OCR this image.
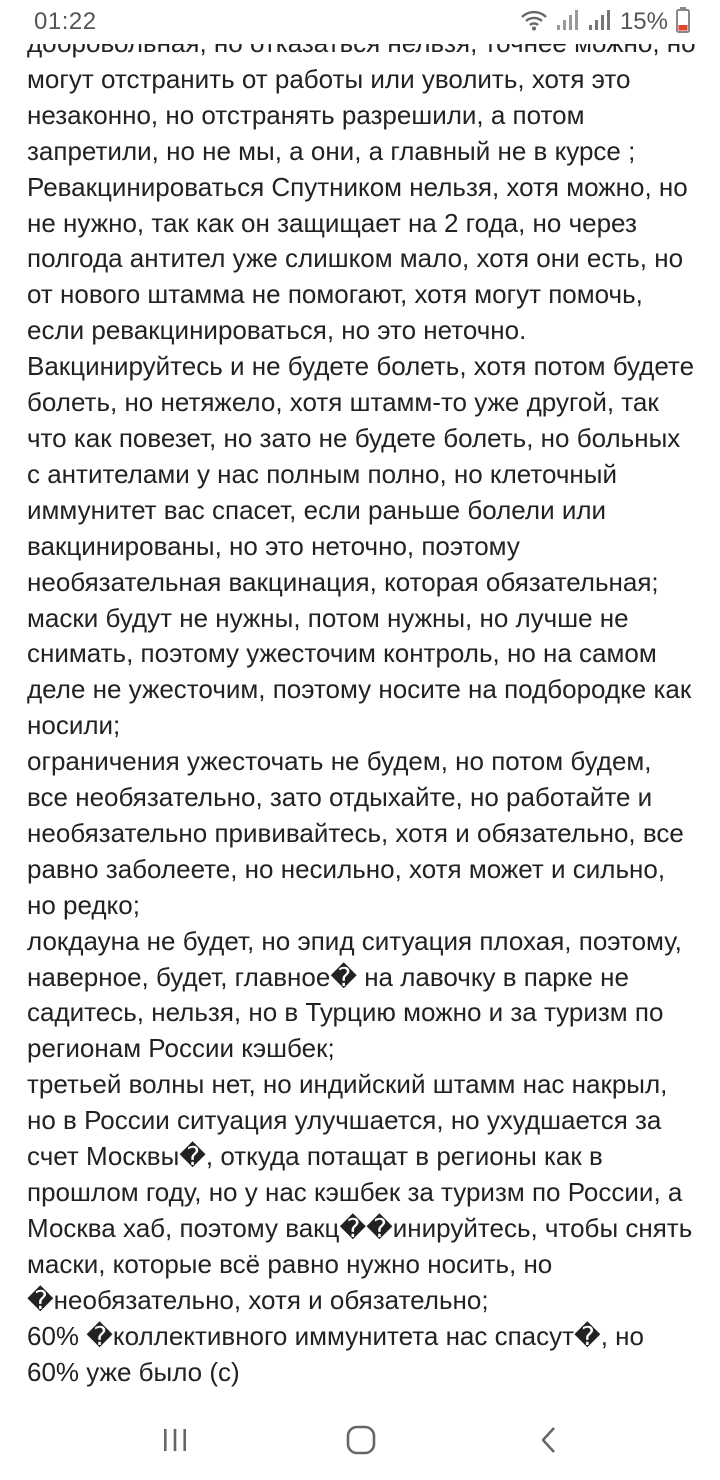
01:22	15%
могут отстранить от работы или уволить, хотя это незаконно, но отстранять разрешили, а потом запретили, но не мы, а они, а главный не в курсе ;
Ревакцинироваться Спутником нельзя, хотя можно, но не нужно, так как он защищает на 2 года, но через полгода антител уже слишком мало, хотя они есть, но от нового штамма не помогают, хотя могут помочь, если ревакцинироваться, но это неточно.
Вакцинируйтесь и не будете болеть, хотя потом будете болеть, но нетяжело, хотя штамм-то уже другой, так что как повезет, но зато не будете болеть, но больных с антителами у нас полным полно, но клеточный иммунитет вас спасет, если раньше болели или вакцинированы, но это неточно, поэтому необязательная вакцинация, которая обязательная;
маски будут не нужны, потом нужны, но лучше не снимать, поэтому ужесточим контроль, но на самом деле не ужесточим, поэтому носите на подбородке как носили;
ограничения ужесточать не будем, но потом будем, все необязательно, зато отдыхайте, но работайте и необязательно прививайтесь, хотя и обязательно, все равно заболеете, но несильно, хотя может и сильно, но редко;
локдауна не будет, но эпид ситуация плохая, поэтому, наверное, будет, главное� на лавочку в парке не садитесь, нельзя, но в Турцию можно и за туризм по регионам России кэшбек;
третьей волны нет, но индийский штамм нас накрыл, но в России ситуация улучшается, но ухудшается за счет Москвы�, откуда потащат в регионы как в прошлом году, но у нас кэшбек за туризм по России, а Москва хаб, поэтому вакц��инируйтесь, чтобы снять маски, которые всё равно нужно носить, но �необязательно, хотя и обязательно;
60% �коллективного иммунитета нас спасут�, но 60% уже было (с)
